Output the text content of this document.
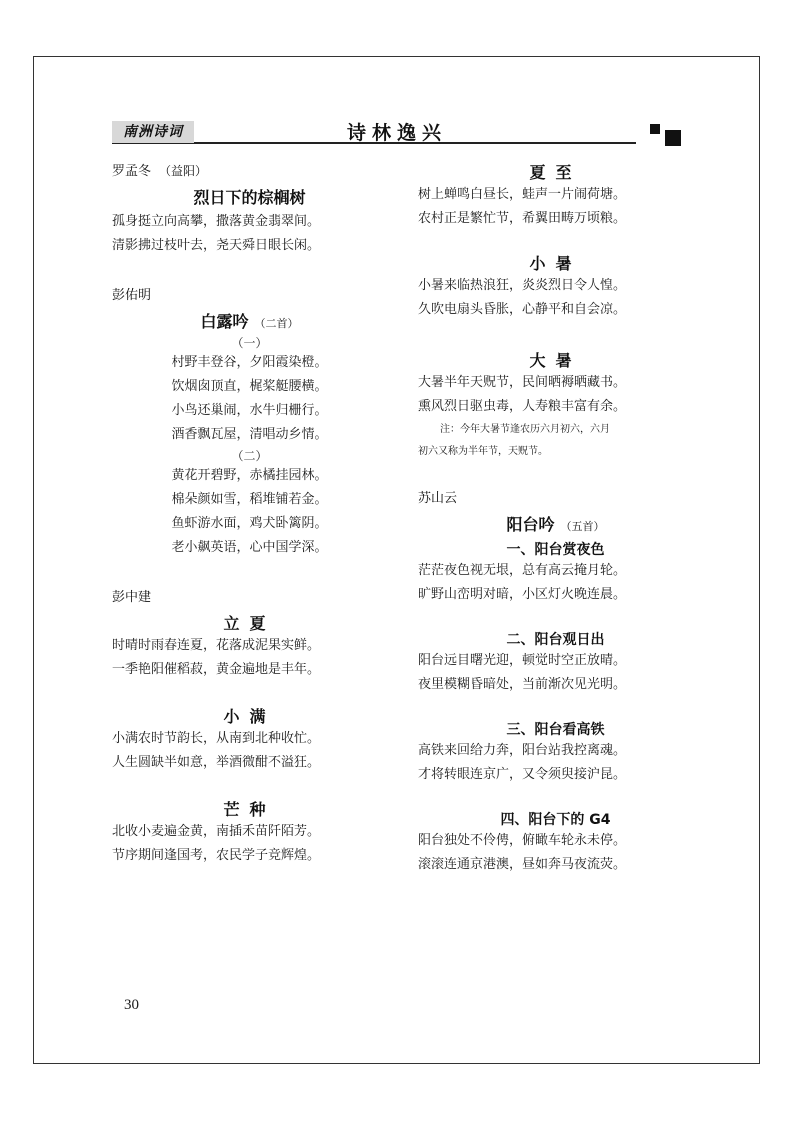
南洲诗词	诗林逸兴
罗孟冬 （益阳）
烈日下的棕榈树
孤身挺立向高攀，撒落黄金翡翠间。
清影拂过枝叶去，尧天舜日眼长闲。
彭佑明
白露吟 （二首）
（一）
村野丰登谷，夕阳霞染橙。
饮烟囱顶直，梶桨艇腰横。
小鸟还巢闹，水牛归栅行。
酒香飘瓦屋，清唱动乡情。
（二）
黄花开碧野，赤橘挂园林。
棉朵颜如雪，稻堆铺若金。
鱼虾游水面，鸡犬卧篱阴。
老小飙英语，心中国学深。
彭中建
立夏
时晴时雨春连夏，花落成泥果实鲜。
一季艳阳催稻菽，黄金遍地是丰年。
小满
小满农时节韵长，从南到北种收忙。
人生圆缺半如意，举酒微酣不溢狂。
芒种
北收小麦遍金黄，南插禾苗阡陌芳。
节序期间逢国考，农民学子竞辉煌。
夏至
树上蝉鸣白昼长，蛙声一片闹荷塘。
农村正是繁忙节，希翼田畴万顷粮。
小暑
小暑来临热浪狂，炎炎烈日令人惶。
久吹电扇头昏胀，心静平和自会凉。
大暑
大暑半年天贶节，民间晒褥晒藏书。
熏风烈日驱虫毒，人寿粮丰富有余。
注：今年大暑节逢农历六月初六，六月
初六又称为半年节，天贶节。
苏山云
阳台吟 （五首）
一、阳台赏夜色
茫茫夜色视无垠，总有高云掩月轮。
旷野山峦明对暗，小区灯火晚连晨。
二、阳台观日出
阳台远目曙光迎，顿觉时空正放晴。
夜里模糊昏暗处，当前渐次见光明。
三、阳台看高铁
高铁来回给力奔，阳台站我控离魂。
才将转眼连京广，又令须臾接沪昆。
四、阳台下的 G4
阳台独处不伶俜，俯瞰车轮永未停。
滚滚连通京港澳，昼如奔马夜流荧。
30
